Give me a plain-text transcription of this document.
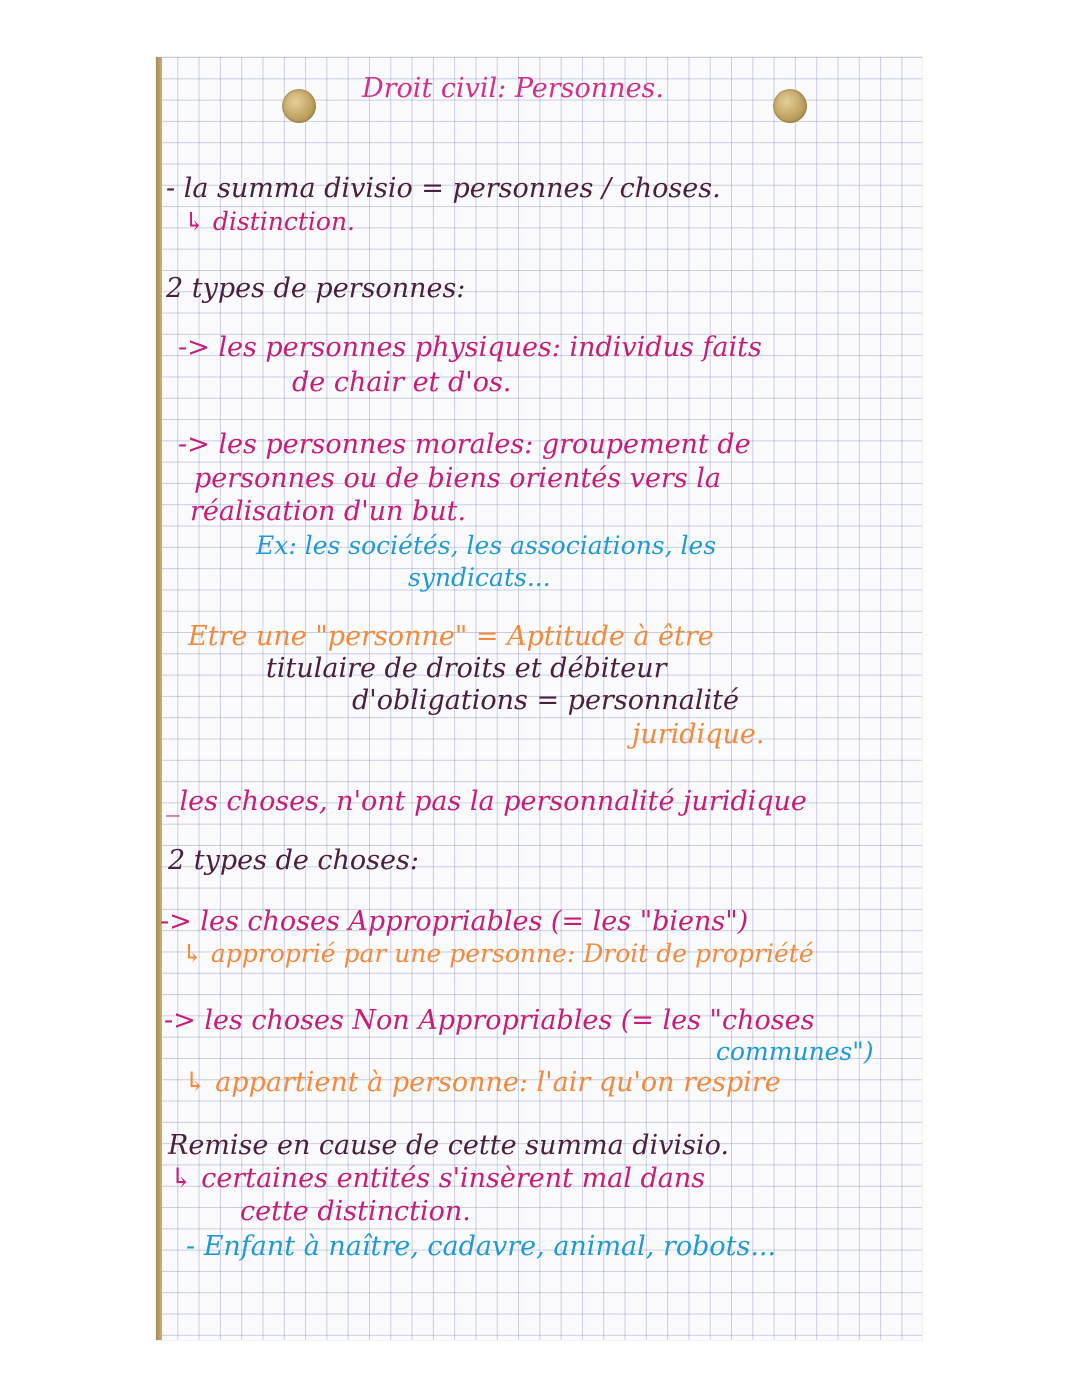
Droit civil: Personnes.
- la summa divisio = personnes / choses.
↳ distinction.
2 types de personnes:
-> les personnes physiques: individus faits
de chair et d'os.
-> les personnes morales: groupement de
personnes ou de biens orientés vers la
réalisation d'un but.
Ex: les sociétés, les associations, les
syndicats...
Etre une "personne" = Aptitude à être
titulaire de droits et débiteur
d'obligations = personnalité
juridique.
_les choses, n'ont pas la personnalité juridique
2 types de choses:
-> les choses Appropriables (= les "biens")
↳ approprié par une personne: Droit de propriété
-> les choses Non Appropriables (= les "choses
communes")
↳ appartient à personne: l'air qu'on respire
Remise en cause de cette summa divisio.
↳ certaines entités s'insèrent mal dans
cette distinction.
- Enfant à naître, cadavre, animal, robots...
